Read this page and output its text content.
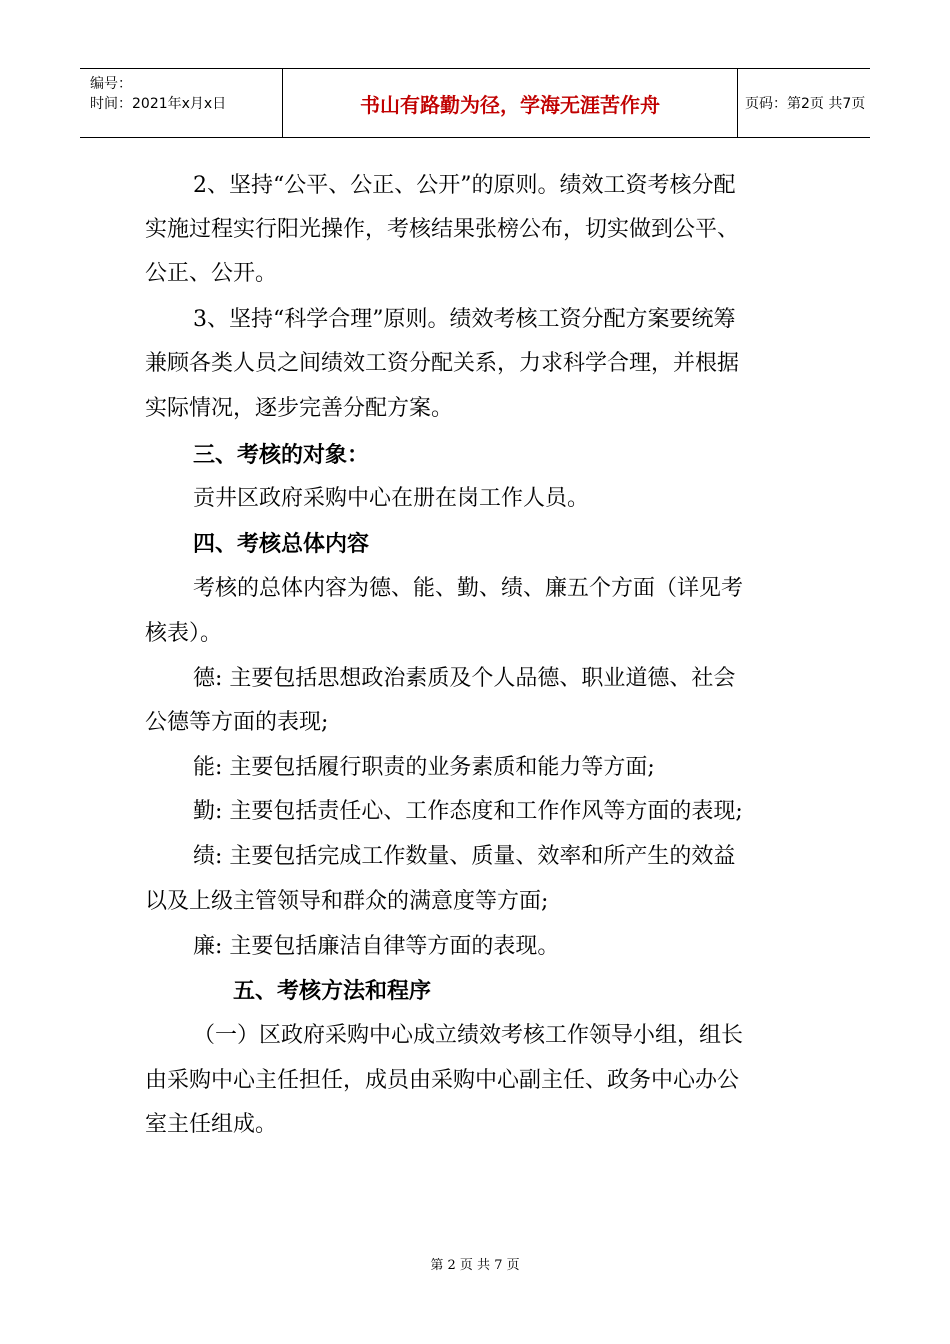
编号：
时间：2021年x月x日	书山有路勤为径，学海无涯苦作舟	页码：第2页 共7页
2、坚持“公平、公正、公开”的原则。绩效工资考核分配
实施过程实行阳光操作，考核结果张榜公布，切实做到公平、
公正、公开。
3、坚持“科学合理”原则。绩效考核工资分配方案要统筹
兼顾各类人员之间绩效工资分配关系，力求科学合理，并根据
实际情况，逐步完善分配方案。
三、考核的对象：
贡井区政府采购中心在册在岗工作人员。
四、考核总体内容
考核的总体内容为德、能、勤、绩、廉五个方面（详见考
核表）。
德: 主要包括思想政治素质及个人品德、职业道德、社会
公德等方面的表现;
能: 主要包括履行职责的业务素质和能力等方面;
勤: 主要包括责任心、工作态度和工作作风等方面的表现;
绩: 主要包括完成工作数量、质量、效率和所产生的效益
以及上级主管领导和群众的满意度等方面;
廉: 主要包括廉洁自律等方面的表现。
五、考核方法和程序
（一）区政府采购中心成立绩效考核工作领导小组，组长
由采购中心主任担任，成员由采购中心副主任、政务中心办公
室主任组成。
第 2 页 共 7 页
